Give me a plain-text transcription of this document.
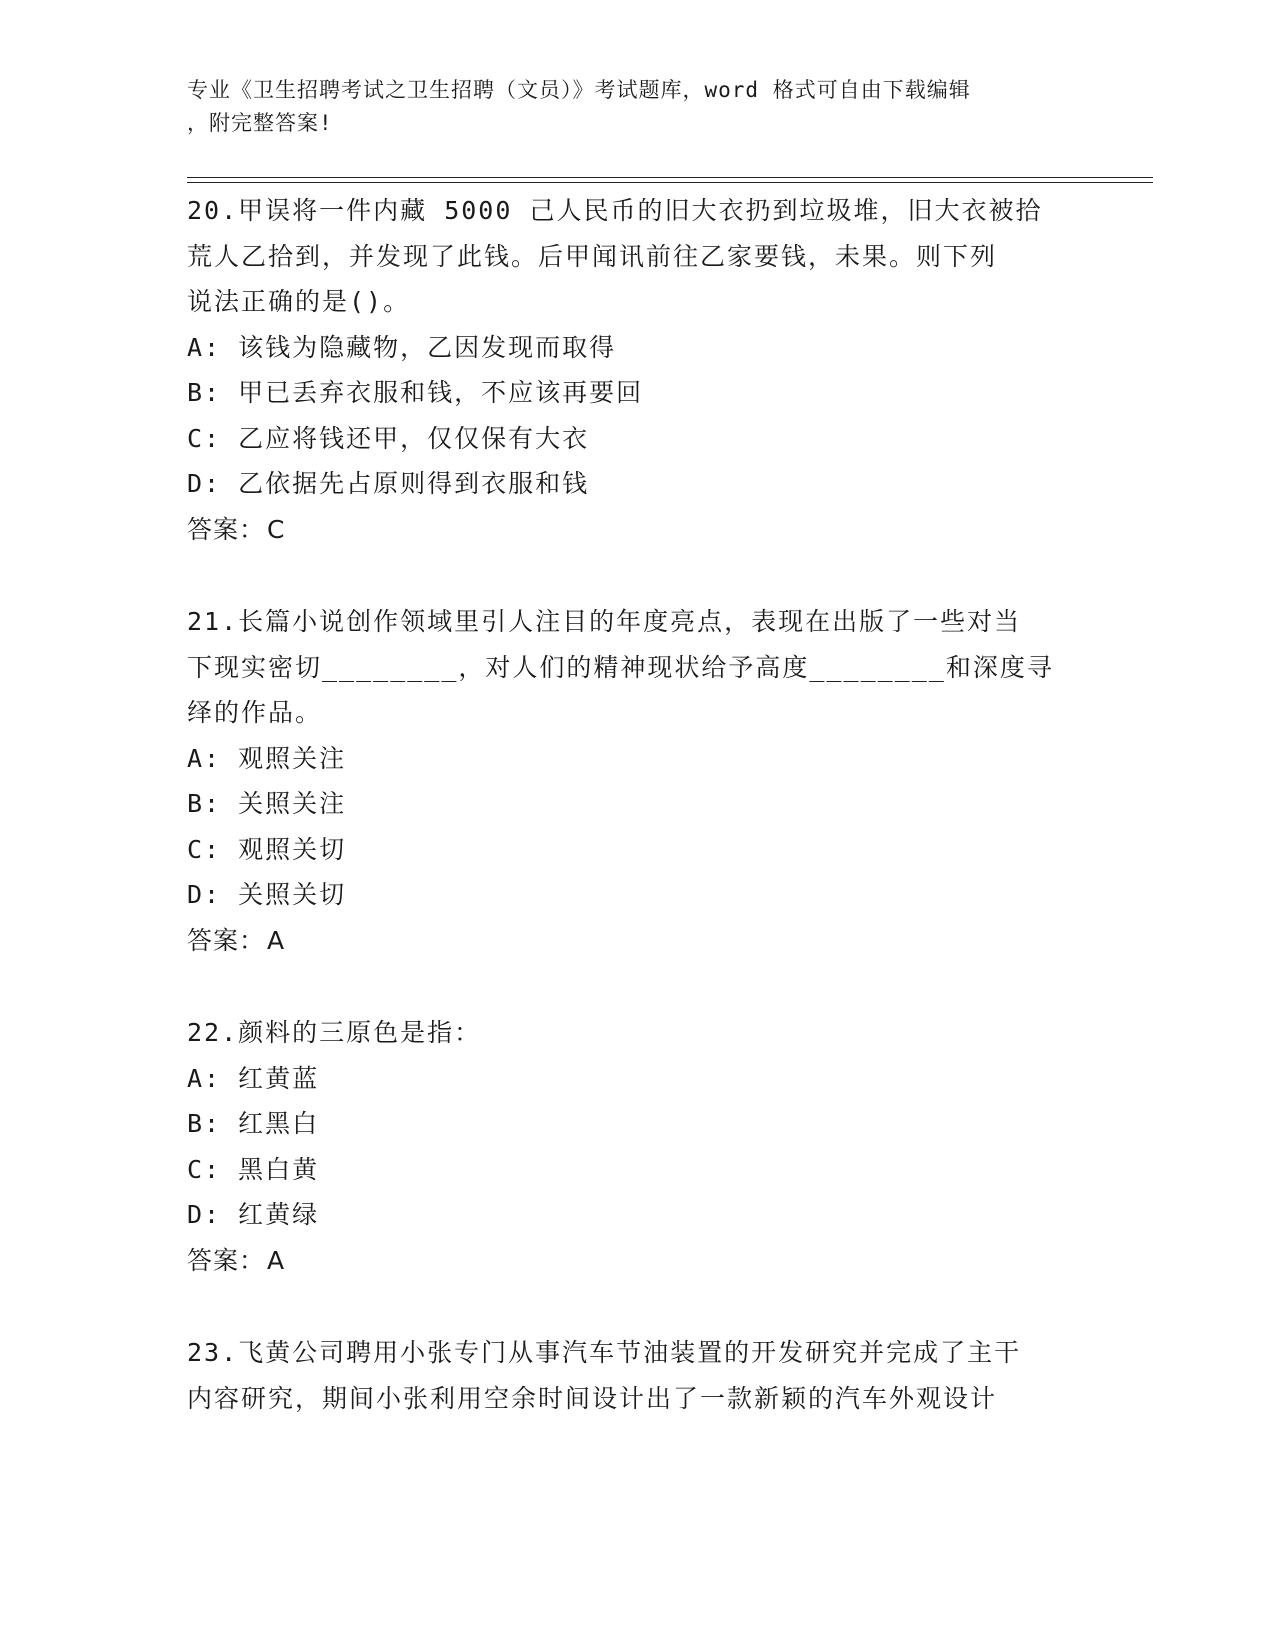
专业《卫生招聘考试之卫生招聘（文员）》考试题库，word 格式可自由下载编辑
，附完整答案!
20.甲误将一件内藏 5000 己人民币的旧大衣扔到垃圾堆，旧大衣被拾
荒人乙拾到，并发现了此钱。后甲闻讯前往乙家要钱，未果。则下列
说法正确的是()。
A: 该钱为隐藏物，乙因发现而取得
B: 甲已丢弃衣服和钱，不应该再要回
C: 乙应将钱还甲，仅仅保有大衣
D: 乙依据先占原则得到衣服和钱
答案：C
21.长篇小说创作领域里引人注目的年度亮点，表现在出版了一些对当
下现实密切________，对人们的精神现状给予高度________和深度寻
绎的作品。
A: 观照关注
B: 关照关注
C: 观照关切
D: 关照关切
答案：A
22.颜料的三原色是指：
A: 红黄蓝
B: 红黑白
C: 黑白黄
D: 红黄绿
答案：A
23.飞黄公司聘用小张专门从事汽车节油装置的开发研究并完成了主干
内容研究，期间小张利用空余时间设计出了一款新颖的汽车外观设计
